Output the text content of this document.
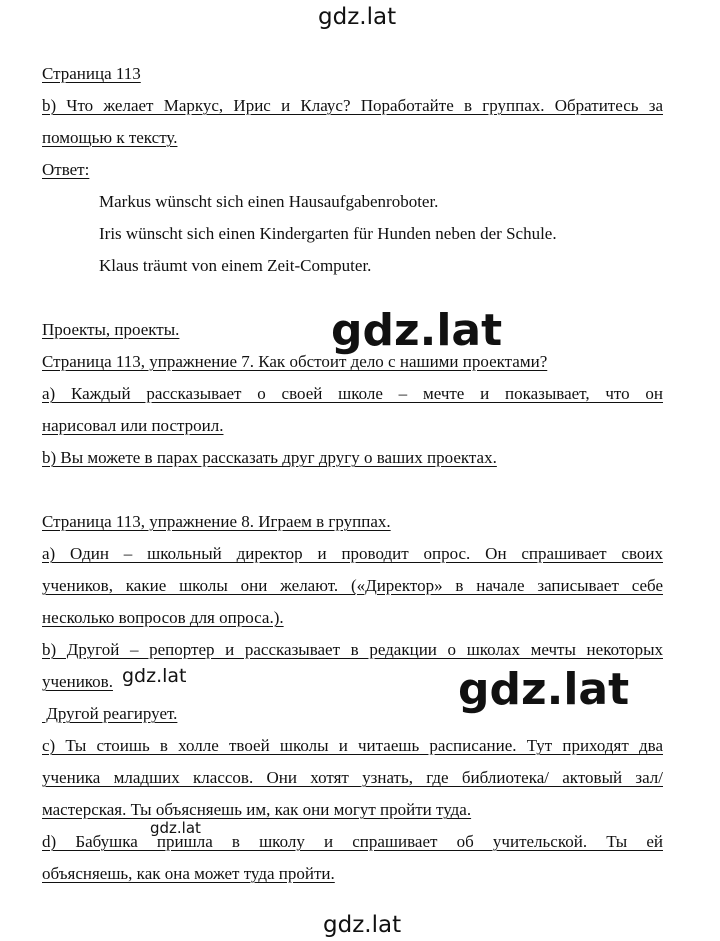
gdz.lat
Страница 113
b) Что желает Маркус, Ирис и Клаус? Поработайте в группах. Обратитесь за
помощью к тексту.
Ответ:
Markus wünscht sich einen Hausaufgabenroboter.
Iris wünscht sich einen Kindergarten für Hunden neben der Schule.
Klaus träumt von einem Zeit-Computer.
Проекты, проекты.
Страница 113, упражнение 7. Как обстоит дело с нашими проектами?
а) Каждый рассказывает о своей школе – мечте и показывает, что он
нарисовал или построил.
b) Вы можете в парах рассказать друг другу о ваших проектах.
gdz.lat
Страница 113, упражнение 8. Играем в группах.
а) Один – школьный директор и проводит опрос. Он спрашивает своих
учеников, какие школы они желают. («Директор» в начале записывает себе
несколько вопросов для опроса.).
b) Другой – репортер и рассказывает в редакции о школах мечты некоторых
учеников.
Другой реагирует.
c) Ты стоишь в холле твоей школы и читаешь расписание. Тут приходят два
ученика младших классов. Они хотят узнать, где библиотека/ актовый зал/
мастерская. Ты объясняешь им, как они могут пройти туда.
d) Бабушка пришла в школу и спрашивает об учительской. Ты ей
объясняешь, как она может туда пройти.
gdz.lat	gdz.lat
gdz.lat
gdz.lat
